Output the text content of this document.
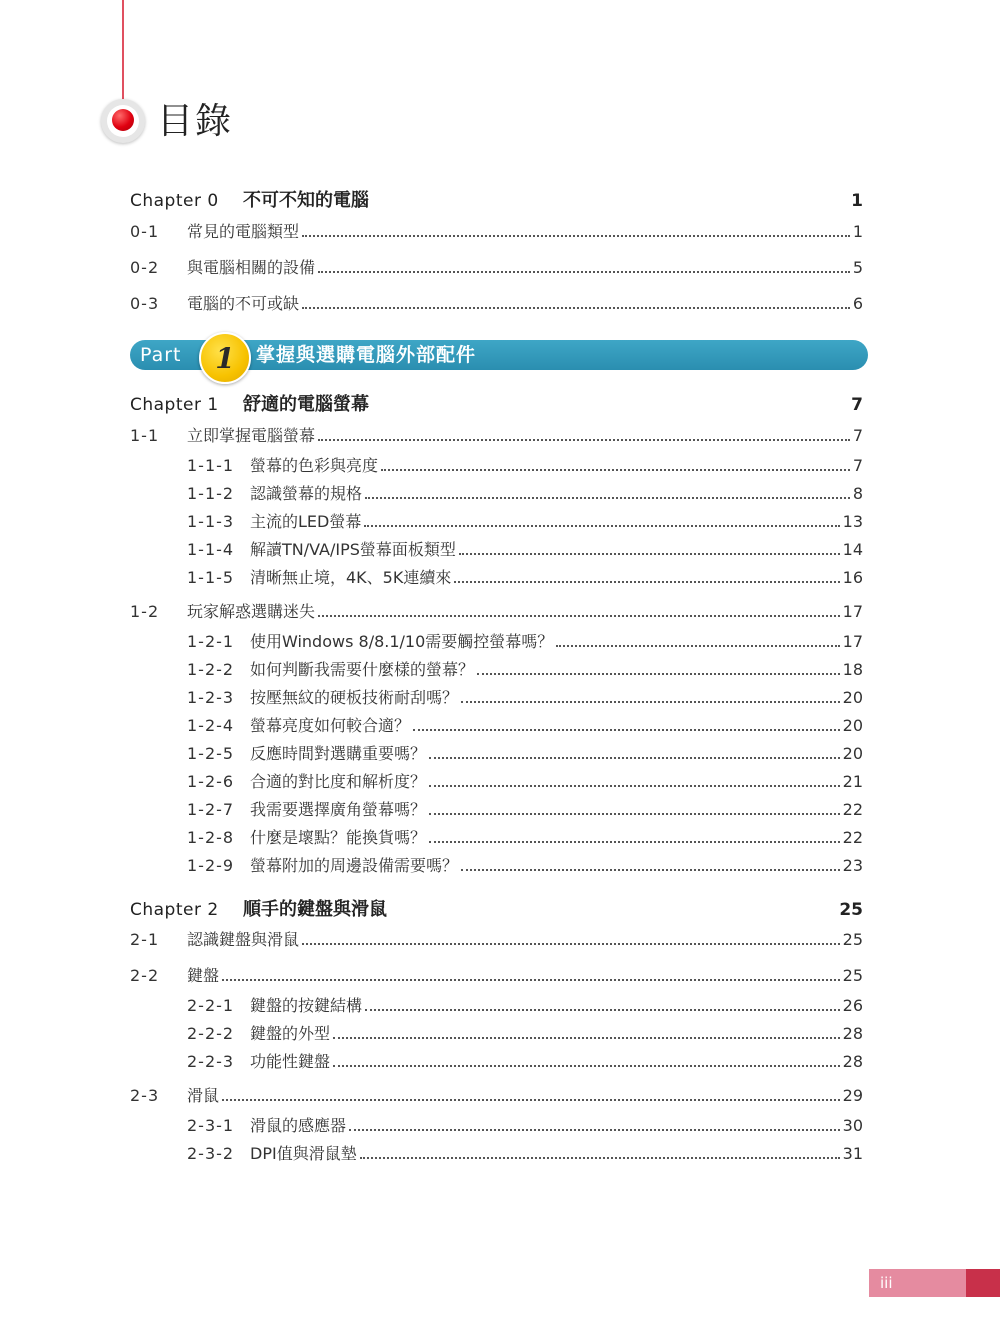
目錄
Chapter 0	不可不知的電腦	1
0-1	常見的電腦類型	1
0-2	與電腦相關的設備	5
0-3	電腦的不可或缺	6
Chapter 1	舒適的電腦螢幕	7
1-1	立即掌握電腦螢幕	7
1-1-1 螢幕的色彩與亮度	7
1-1-2 認識螢幕的規格	8
1-1-3 主流的LED螢幕	13
1-1-4 解讀TN/VA/IPS螢幕面板類型	14
1-1-5 清晰無止境，4K、5K連續來	16
1-2	玩家解惑選購迷失	17
1-2-1 使用Windows 8/8.1/10需要觸控螢幕嗎？	17
1-2-2 如何判斷我需要什麼樣的螢幕？	18
1-2-3 按壓無紋的硬板技術耐刮嗎？	20
1-2-4 螢幕亮度如何較合適？	20
1-2-5 反應時間對選購重要嗎？	20
1-2-6 合適的對比度和解析度？	21
1-2-7 我需要選擇廣角螢幕嗎？	22
1-2-8 什麼是壞點？能換貨嗎？	22
1-2-9 螢幕附加的周邊設備需要嗎？	23
Chapter 2	順手的鍵盤與滑鼠	25
2-1	認識鍵盤與滑鼠	25
2-2	鍵盤	25
2-2-1 鍵盤的按鍵結構	26
2-2-2 鍵盤的外型	28
2-2-3 功能性鍵盤	28
2-3	滑鼠	29
2-3-1 滑鼠的感應器	30
2-3-2 DPI值與滑鼠墊	31
Part	1	掌握與選購電腦外部配件
iii
